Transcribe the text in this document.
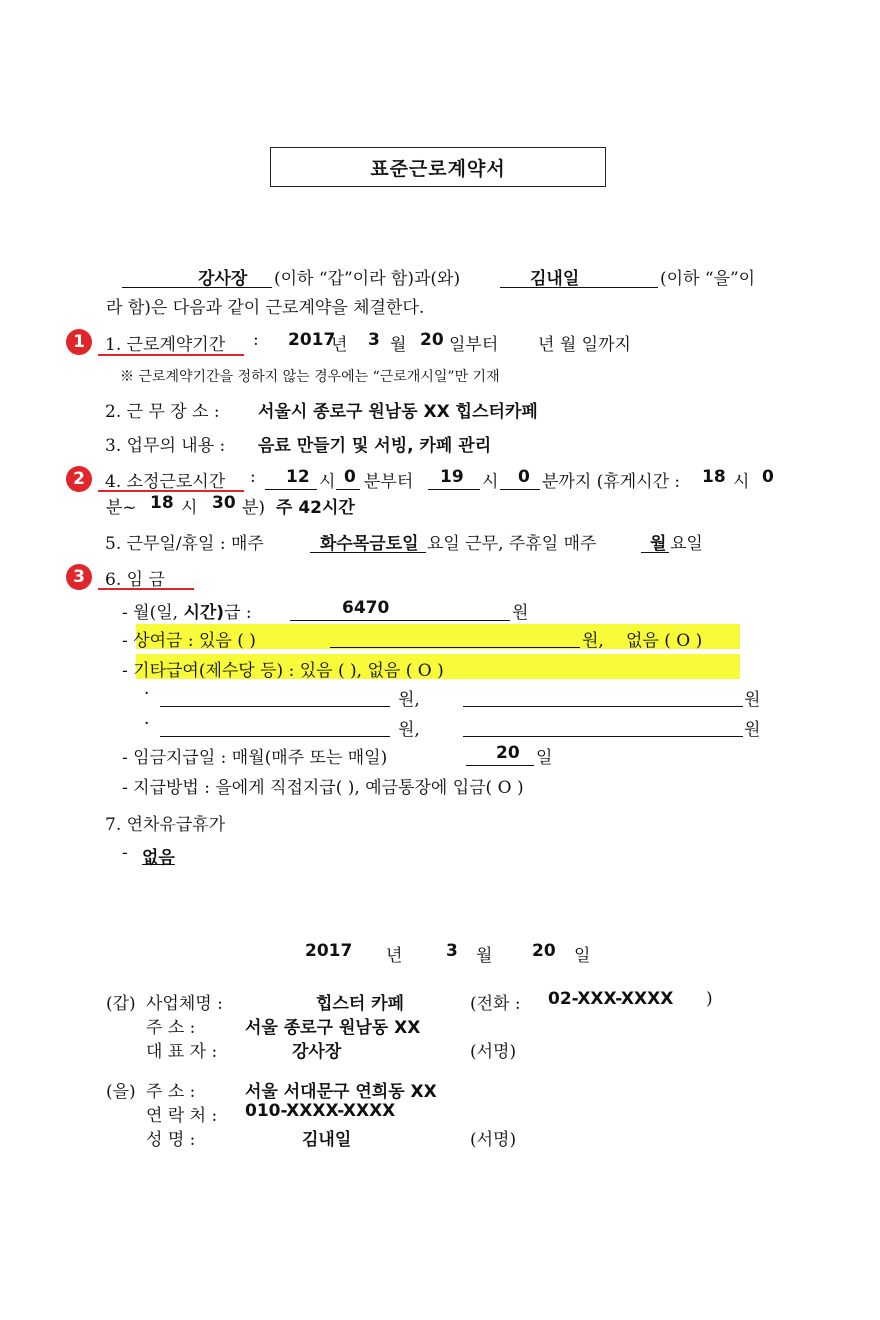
표준근로계약서
강사장 (이하 “갑”이라 함)과(와)	김내일	(이하 “을”이
라 함)은 다음과 같이 근로계약을 체결한다.
1	1. 근로계약기간 : 2017
년 3 월 20 일부터 년 월 일까지
※ 근로계약기간을 정하지 않는 경우에는 “근로개시일”만 기재
2. 근 무 장 소 : 서울시 종로구 원남동 XX 힙스터카페
3. 업무의 내용 : 음료 만들기 및 서빙, 카페 관리
2	4. 소정근로시간 : 12 시 0 분부터 19 시 0 분까지 (휴게시간 : 18 시 0
분~ 18 시 30 분) 주 42시간
5. 근무일/휴일 : 매주	화수목금토일 요일 근무, 주휴일 매주	월 요일
3	6. 임 금
- 월(일, 시간)급 :	6470	원
- 상여금 : 있음 ( )	원, 없음 ( O )
- 기타급여(제수당 등) : 있음 ( ), 없음 ( O )
·	원,	원
·	원,	원
- 임금지급일 : 매월(매주 또는 매일)	20 일
- 지급방법 : 을에게 직접지급( ), 예금통장에 입금( O )
7. 연차유급휴가
- 없음
2017 년	3 월 20 일
(갑) 사업체명 :	힙스터 카페	(전화 : 02-XXX-XXXX )
주 소 :	서울 종로구 원남동 XX
대 표 자 :	강사장	(서명)
(을) 주 소 :	서울 서대문구 연희동 XX
연 락 처 : 010-XXXX-XXXX
성 명 :	김내일	(서명)
